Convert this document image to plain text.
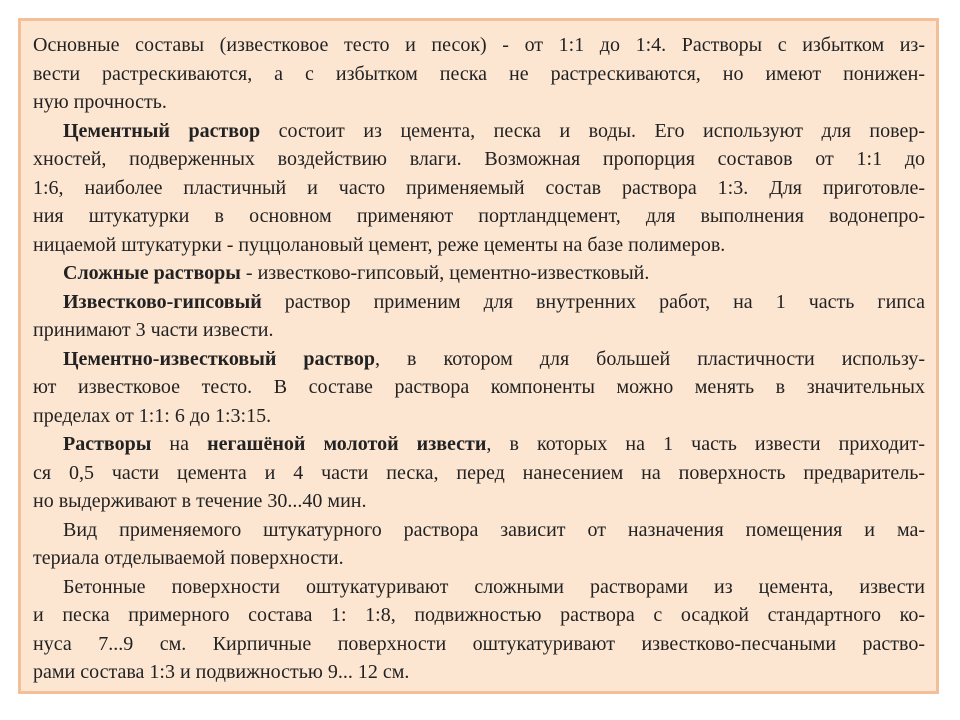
Основные составы (известковое тесто и песок) - от 1:1 до 1:4. Растворы с избытком из-
вести растрескиваются, а с избытком песка не растрескиваются, но имеют понижен-
ную прочность.
Цементный раствор состоит из цемента, песка и воды. Его используют для повер-
хностей, подверженных воздействию влаги. Возможная пропорция составов от 1:1 до
1:6, наиболее пластичный и часто применяемый состав раствора 1:3. Для приготовле-
ния штукатурки в основном применяют портландцемент, для выполнения водонепро-
ницаемой штукатурки - пуццолановый цемент, реже цементы на базе полимеров.
Сложные растворы - известково-гипсовый, цементно-известковый.
Известково-гипсовый раствор применим для внутренних работ, на 1 часть гипса
принимают 3 части извести.
Цементно-известковый раствор, в котором для большей пластичности использу-
ют известковое тесто. В составе раствора компоненты можно менять в значительных
пределах от 1:1: 6 до 1:3:15.
Растворы на негашёной молотой извести, в которых на 1 часть извести приходит-
ся 0,5 части цемента и 4 части песка, перед нанесением на поверхность предваритель-
но выдерживают в течение 30...40 мин.
Вид применяемого штукатурного раствора зависит от назначения помещения и ма-
териала отделываемой поверхности.
Бетонные поверхности оштукатуривают сложными растворами из цемента, извести
и песка примерного состава 1: 1:8, подвижностью раствора с осадкой стандартного ко-
нуса 7...9 см. Кирпичные поверхности оштукатуривают известково-песчаными раство-
рами состава 1:3 и подвижностью 9... 12 см.
